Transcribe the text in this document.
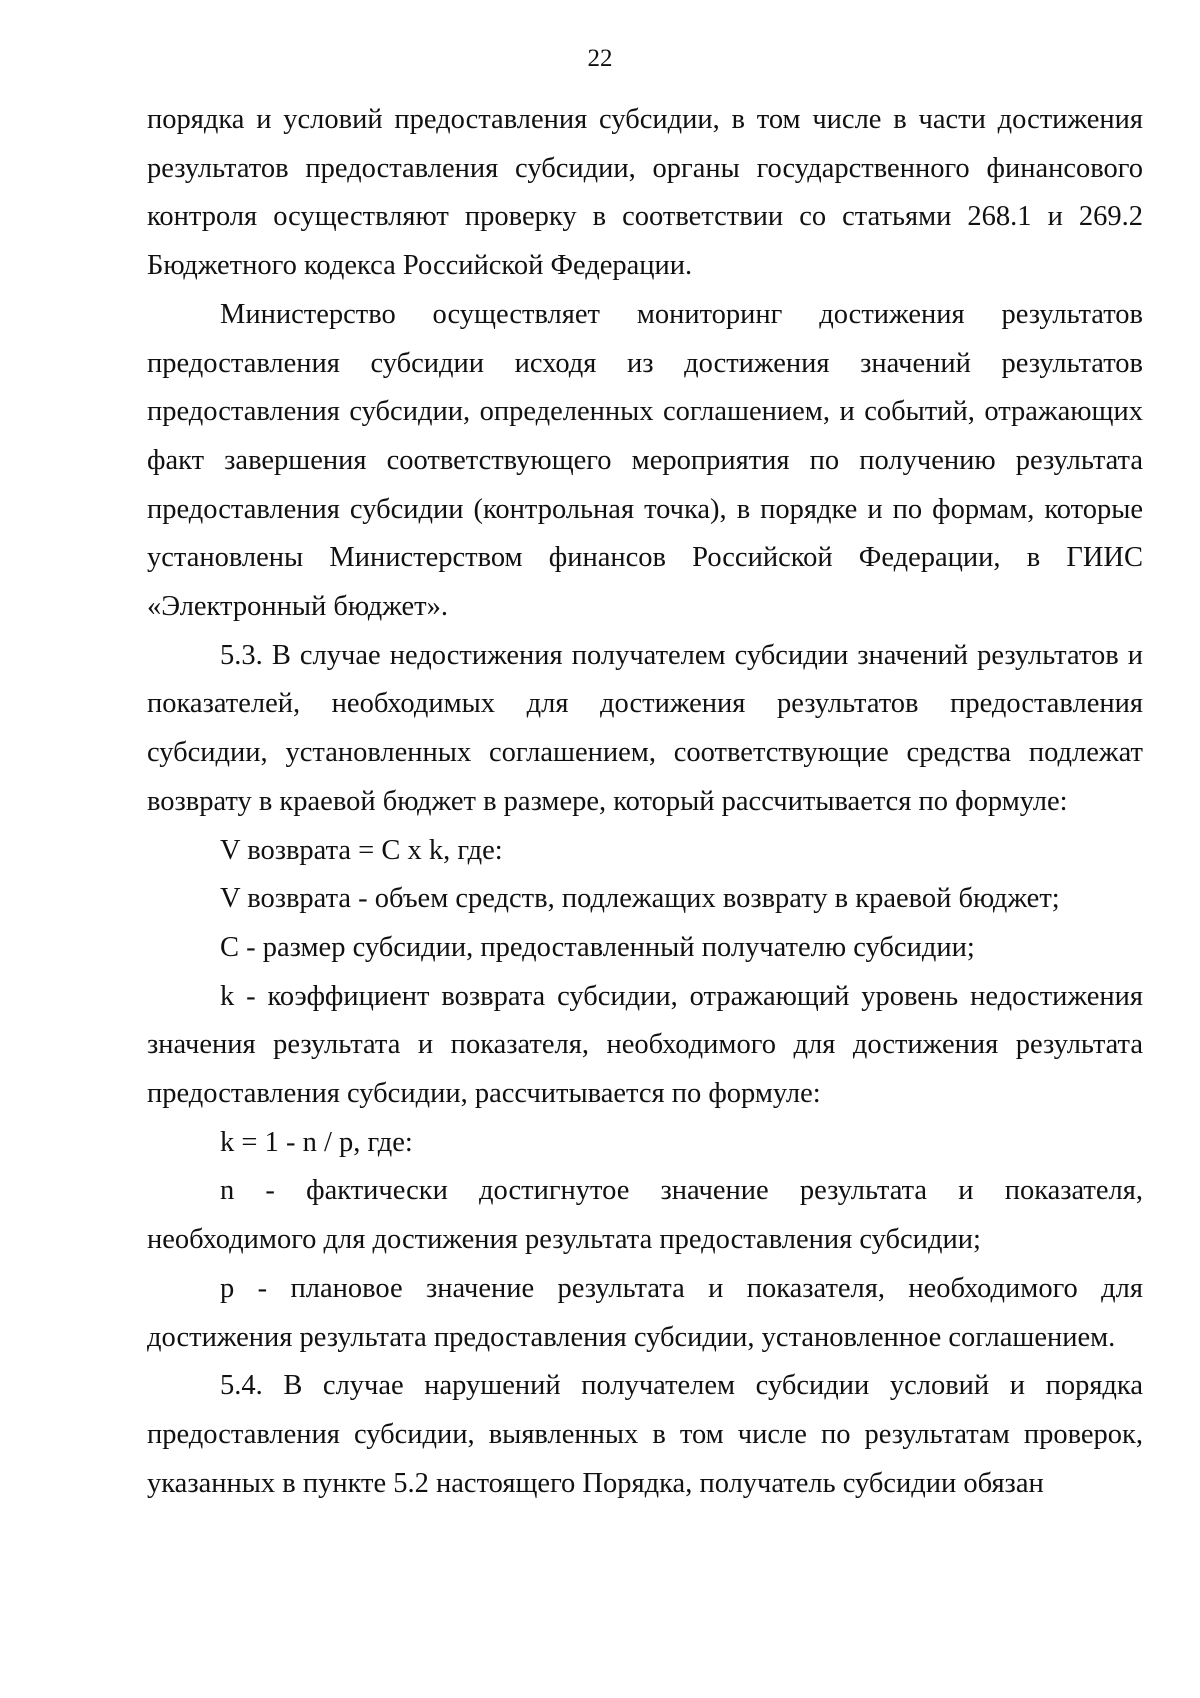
22

порядка и условий предоставления субсидии, в том числе в части достижения результатов предоставления субсидии, органы государственного финансового контроля осуществляют проверку в соответствии со статьями 268.1 и 269.2 Бюджетного кодекса Российской Федерации.

Министерство осуществляет мониторинг достижения результатов предоставления субсидии исходя из достижения значений результатов предоставления субсидии, определенных соглашением, и событий, отражающих факт завершения соответствующего мероприятия по получению результата предоставления субсидии (контрольная точка), в порядке и по формам, которые установлены Министерством финансов Российской Федерации, в ГИИС «Электронный бюджет».

5.3. В случае недостижения получателем субсидии значений результатов и показателей, необходимых для достижения результатов предоставления субсидии, установленных соглашением, соответствующие средства подлежат возврату в краевой бюджет в размере, который рассчитывается по формуле:

V возврата = C x k, где:

V возврата - объем средств, подлежащих возврату в краевой бюджет;

C - размер субсидии, предоставленный получателю субсидии;

k - коэффициент возврата субсидии, отражающий уровень недостижения значения результата и показателя, необходимого для достижения результата предоставления субсидии, рассчитывается по формуле:

k = 1 - n / p, где:

n - фактически достигнутое значение результата и показателя, необходимого для достижения результата предоставления субсидии;

p - плановое значение результата и показателя, необходимого для достижения результата предоставления субсидии, установленное соглашением.

5.4. В случае нарушений получателем субсидии условий и порядка предоставления субсидии, выявленных в том числе по результатам проверок, указанных в пункте 5.2 настоящего Порядка, получатель субсидии обязан
